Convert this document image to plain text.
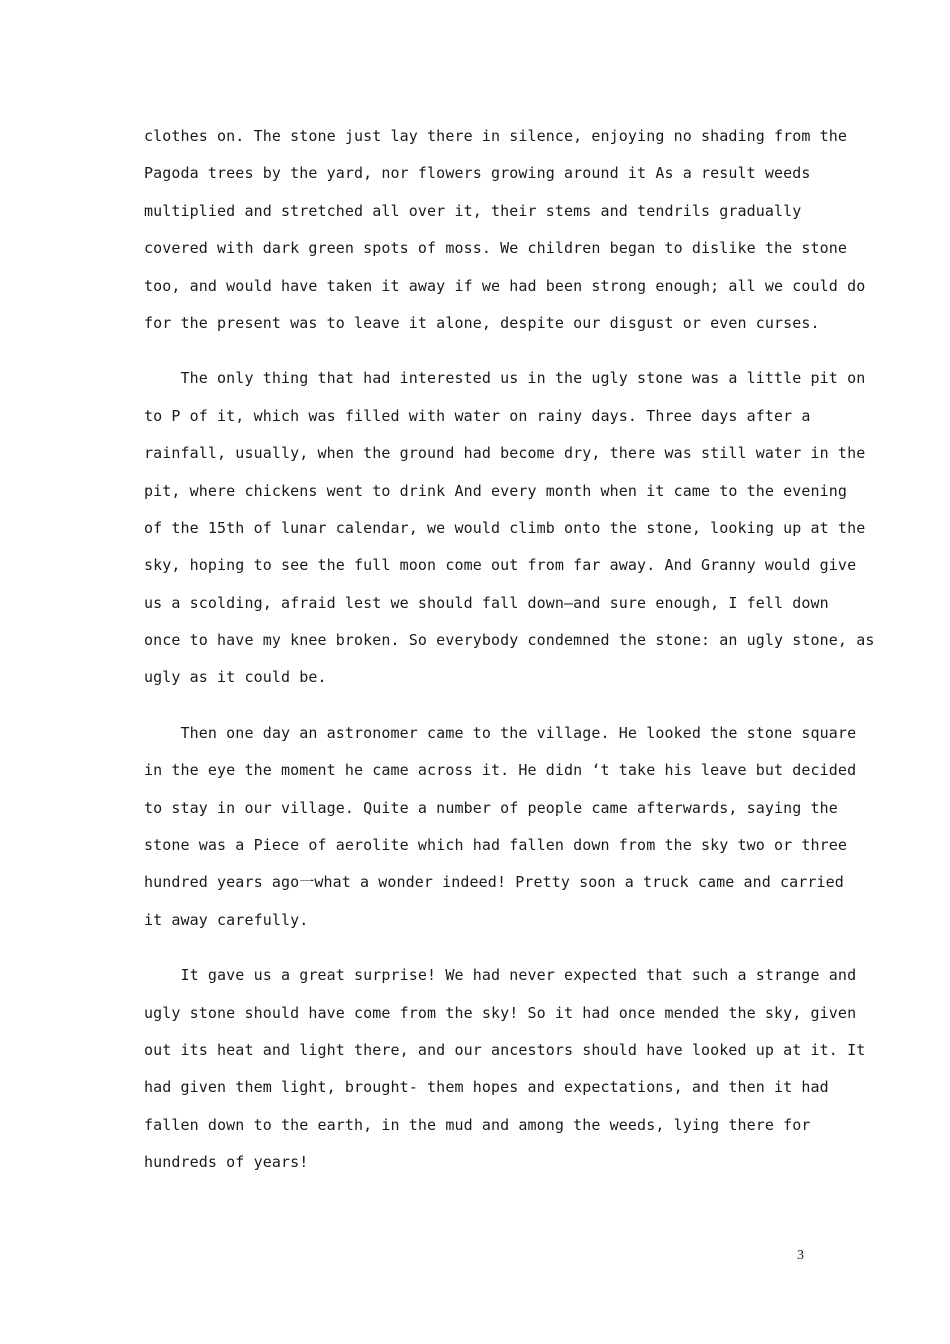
clothes on. The stone just lay there in silence, enjoying no shading from the
Pagoda trees by the yard, nor flowers growing around it As a result weeds
multiplied and stretched all over it, their stems and tendrils gradually
covered with dark green spots of moss. We children began to dislike the stone
too, and would have taken it away if we had been strong enough; all we could do
for the present was to leave it alone, despite our disgust or even curses.
The only thing that had interested us in the ugly stone was a little pit on
to P of it, which was filled with water on rainy days. Three days after a
rainfall, usually, when the ground had become dry, there was still water in the
pit, where chickens went to drink And every month when it came to the evening
of the 15th of lunar calendar, we would climb onto the stone, looking up at the
sky, hoping to see the full moon come out from far away. And Granny would give
us a scolding, afraid lest we should fall down—and sure enough, I fell down
once to have my knee broken. So everybody condemned the stone: an ugly stone, as
ugly as it could be.
Then one day an astronomer came to the village. He looked the stone square
in the eye the moment he came across it. He didn ‘t take his leave but decided
to stay in our village. Quite a number of people came afterwards, saying the
stone was a Piece of aerolite which had fallen down from the sky two or three
hundred years ago一what a wonder indeed! Pretty soon a truck came and carried
it away carefully.
It gave us a great surprise! We had never expected that such a strange and
ugly stone should have come from the sky! So it had once mended the sky, given
out its heat and light there, and our ancestors should have looked up at it. It
had given them light, brought- them hopes and expectations, and then it had
fallen down to the earth, in the mud and among the weeds, lying there for
hundreds of years!
3
